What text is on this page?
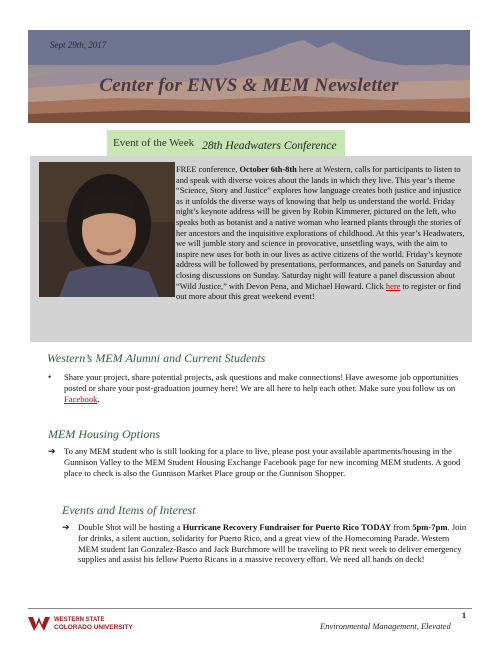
Sept 29th, 2017
Center for ENVS & MEM Newsletter
Event of the Week 28th Headwaters Conference
FREE conference, October 6th-8th here at Western, calls for participants to listen to and speak with diverse voices about the lands in which they live. This year’s theme “Science, Story and Justice” explores how language creates both justice and injustice as it unfolds the diverse ways of knowing that help us understand the world. Friday night’s keynote address will be given by Robin Kimmerer, pictured on the left, who speaks both as botanist and a native woman who learned plants through the stories of her ancestors and the inquisitive explorations of childhood. At this year’s Headwaters, we will jumble story and science in provocative, unsettling ways, with the aim to inspire new uses for both in our lives as active citizens of the world. Friday’s keynote address will be followed by presentations, performances, and panels on Saturday and closing discussions on Sunday. Saturday night will feature a panel discussion about “Wild Justice,” with Devon Pena, and Michael Howard. Click here to register or find out more about this great weekend event!
Western’s MEM Alumni and Current Students
•	Share your project, share potential projects, ask questions and make connections! Have awesome job opportunities posted or share your post-graduation journey here! We are all here to help each other. Make sure you follow us on Facebook.
MEM Housing Options
➔ To any MEM student who is still looking for a place to live, please post your available apartments/housing in the Gunnison Valley to the MEM Student Housing Exchange Facebook page for new incoming MEM students. A good place to check is also the Gunnison Market Place group or the Gunnison Shopper.
Events and Items of Interest
➔ Double Shot will be hosting a Hurricane Recovery Fundraiser for Puerto Rico TODAY from 5pm-7pm. Join for drinks, a silent auction, solidarity for Puerto Rico, and a great view of the Homecoming Parade. Western MEM student Ian Gonzalez-Basco and Jack Burchmore will be traveling to PR next week to deliver emergency supplies and assist his fellow Puerto Ricans in a massive recovery effort. We need all hands on deck!
WESTERN STATE
COLORADO UNIVERSITY
1
Environmental Management, Elevated
